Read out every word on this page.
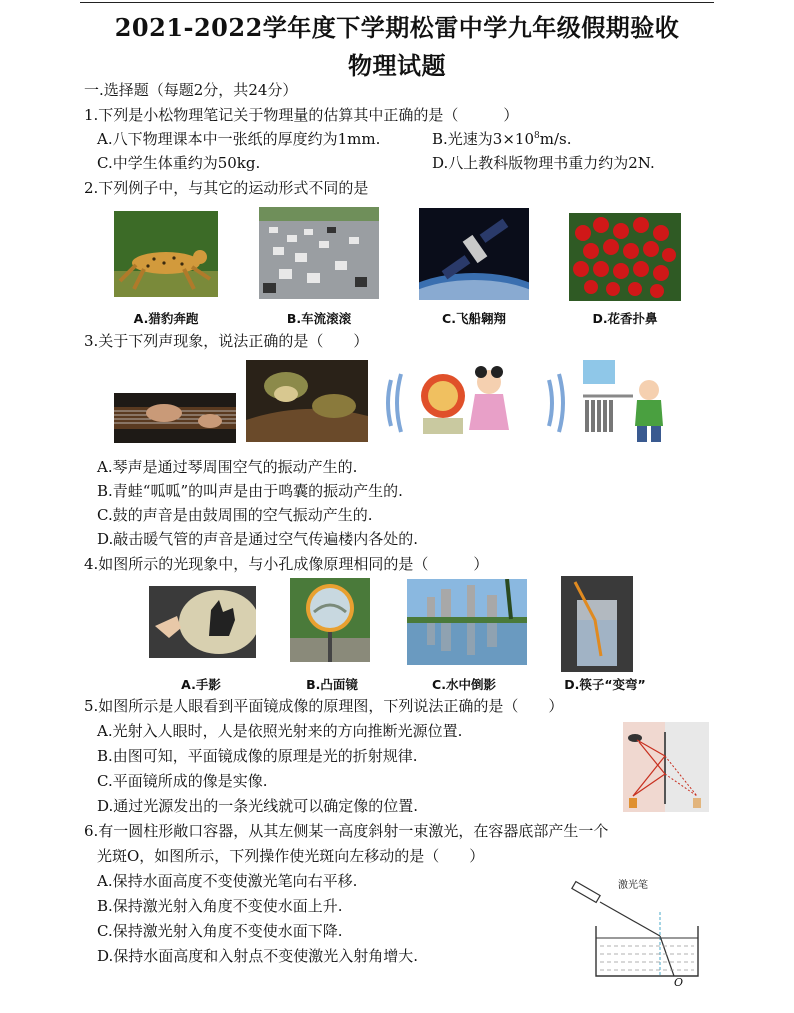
2021-2022学年度下学期松雷中学九年级假期验收
物理试题
一.选择题（每题2分，共24分）
1.下列是小松物理笔记关于物理量的估算其中正确的是（　　　）
A.八下物理课本中一张纸的厚度约为1mm.	B.光速为$3\times 10^8m/s$.
C.中学生体重约为50kg.	D.八上教科版物理书重力约为2N.
2.下列例子中，与其它的运动形式不同的是
A.猎豹奔跑	B.车流滚滚	C.飞船翱翔	D.花香扑鼻
3.关于下列声现象，说法正确的是（　　）
A.琴声是通过琴周围空气的振动产生的.
B.青蛙“呱呱”的叫声是由于鸣囊的振动产生的.
C.鼓的声音是由鼓周围的空气振动产生的.
D.敲击暖气管的声音是通过空气传遍楼内各处的.
4.如图所示的光现象中，与小孔成像原理相同的是（　　　）
A.手影	B.凸面镜	C.水中倒影	D.筷子“变弯”
5.如图所示是人眼看到平面镜成像的原理图，下列说法正确的是（　　）
A.光射入人眼时，人是依照光射来的方向推断光源位置.
B.由图可知，平面镜成像的原理是光的折射规律.
C.平面镜所成的像是实像.
D.通过光源发出的一条光线就可以确定像的位置.
6.有一圆柱形敞口容器，从其左侧某一高度斜射一束激光，在容器底部产生一个
光斑O，如图所示，下列操作使光斑向左移动的是（　　）
A.保持水面高度不变使激光笔向右平移.
B.保持激光射入角度不变使水面上升.
C.保持激光射入角度不变使水面下降.
D.保持水面高度和入射点不变使激光入射角增大.
激光笔
O
